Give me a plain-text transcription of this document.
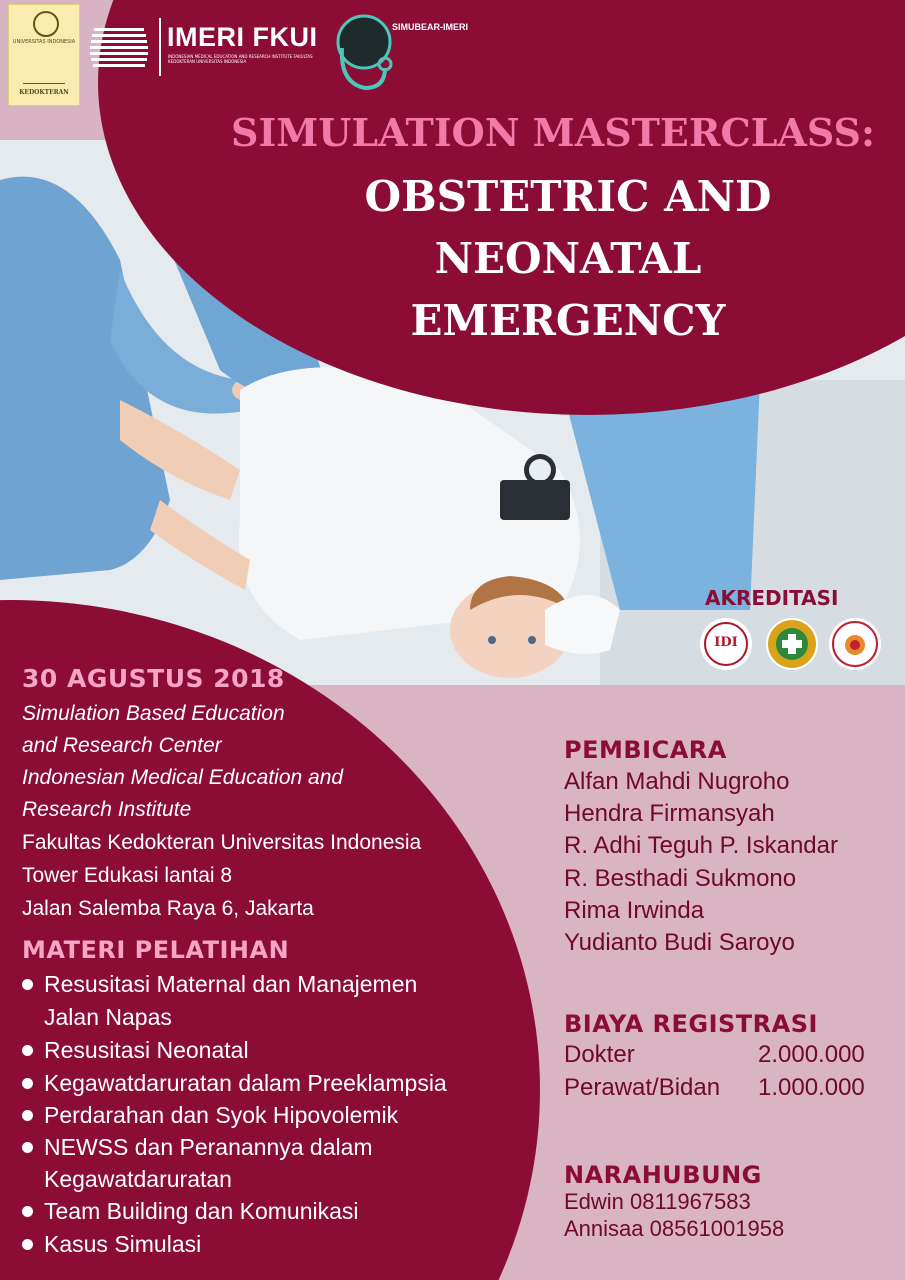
UNIVERSITAS INDONESIA
KEDOKTERAN
IMERI FKUI
INDONESIAN MEDICAL EDUCATION AND RESEARCH INSTITUTE FAKULTAS KEDOKTERAN UNIVERSITAS INDONESIA
SIMUBEAR-IMERI
SIMULATION MASTERCLASS:
OBSTETRIC AND
NEONATAL
EMERGENCY
AKREDITASI
IDI
30 AGUSTUS 2018
Simulation Based Education
and Research Center
Indonesian Medical Education and
Research Institute
Fakultas Kedokteran Universitas Indonesia
Tower Edukasi lantai 8
Jalan Salemba Raya 6, Jakarta
MATERI PELATIHAN
Resusitasi Maternal dan Manajemen
Jalan Napas
Resusitasi Neonatal
Kegawatdaruratan dalam Preeklampsia
Perdarahan dan Syok Hipovolemik
NEWSS dan Peranannya dalam
Kegawatdaruratan
Team Building dan Komunikasi
Kasus Simulasi
PEMBICARA
Alfan Mahdi Nugroho
Hendra Firmansyah
R. Adhi Teguh P. Iskandar
R. Besthadi Sukmono
Rima Irwinda
Yudianto Budi Saroyo
BIAYA REGISTRASI
Dokter	2.000.000
Perawat/Bidan 1.000.000
NARAHUBUNG
Edwin 0811967583
Annisaa 08561001958
